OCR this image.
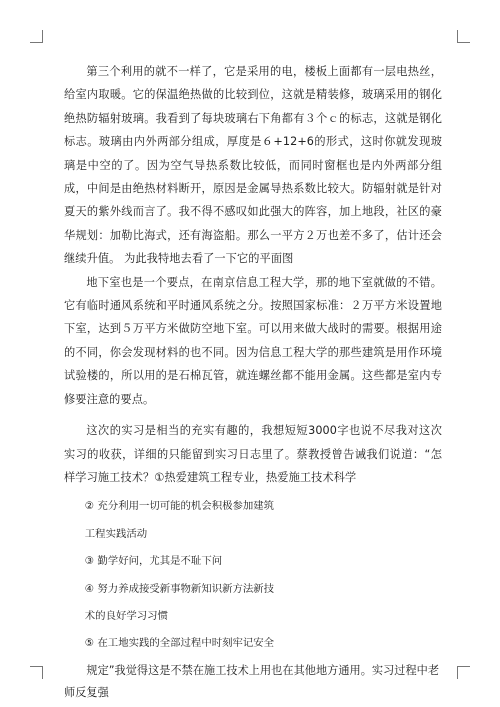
第三个利用的就不一样了，它是采用的电，楼板上面都有一层电热丝，给室内取暖。它的保温绝热做的比较到位，这就是精装修，玻璃采用的钢化绝热防辐射玻璃。我看到了每块玻璃右下角都有３个ｃ的标志，这就是钢化标志。玻璃由内外两部分组成，厚度是６+12+6的形式，这时你就发现玻璃是中空的了。因为空气导热系数比较低，而同时窗框也是内外两部分组成，中间是由绝热材料断开，原因是金属导热系数比较大。防辐射就是针对夏天的紫外线而言了。我不得不感叹如此强大的阵容，加上地段，社区的豪华规划：加勒比海式，还有海盗船。那么一平方２万也差不多了，估计还会继续升值。 为此我特地去看了一下它的平面图

地下室也是一个要点，在南京信息工程大学，那的地下室就做的不错。它有临时通风系统和平时通风系统之分。按照国家标准：２万平方米设置地下室，达到５万平方米做防空地下室。可以用来做大战时的需要。根据用途的不同，你会发现材料的也不同。因为信息工程大学的那些建筑是用作环境试验楼的，所以用的是石棉瓦管，就连螺丝都不能用金属。这些都是室内专修要注意的要点。

这次的实习是相当的充实有趣的，我想短短3000字也说不尽我对这次实习的收获，详细的只能留到实习日志里了。蔡教授曾告诫我们说道：“怎样学习施工技术？①热爱建筑工程专业，热爱施工技术科学

② 充分利用一切可能的机会积极参加建筑

工程实践活动

③ 勤学好问，尤其是不耻下问

④ 努力养成接受新事物新知识新方法新技

术的良好学习习惯

⑤ 在工地实践的全部过程中时刻牢记安全

规定”我觉得这是不禁在施工技术上用也在其他地方通用。实习过程中老师反复强
